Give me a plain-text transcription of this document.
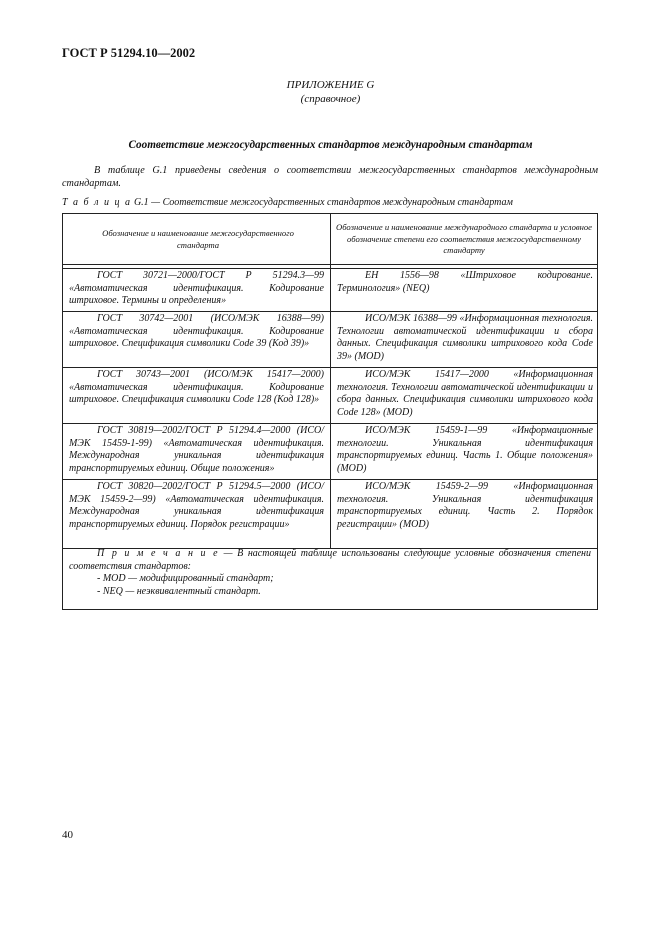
ГОСТ Р 51294.10—2002
ПРИЛОЖЕНИЕ G
(справочное)
Соответствие межгосударственных стандартов международным стандартам
В таблице G.1 приведены сведения о соответствии межгосударственных стандартов международным стандартам.
Т а б л и ц а G.1 — Соответствие межгосударственных стандартов международным стандартам
Обозначение и наименование межгосударственного стандарта
Обозначение и наименование международного стандарта и условное обозначение степени его соответствия межгосударственному стандарту
ГОСТ 30721—2000/ГОСТ Р 51294.3—99 «Автоматическая идентификация. Кодирование штриховое. Термины и определения»
ЕН 1556—98 «Штриховое кодирование. Терминология» (NEQ)
ГОСТ 30742—2001 (ИСО/МЭК 16388—99) «Автоматическая идентификация. Кодирование штриховое. Спецификация символики Code 39 (Код 39)»
ИСО/МЭК 16388—99 «Информационная технология. Технологии автоматической идентификации и сбора данных. Спецификация символики штрихового кода Code 39» (MOD)
ГОСТ 30743—2001 (ИСО/МЭК 15417—2000) «Автоматическая идентификация. Кодирование штриховое. Спецификация символики Code 128 (Код 128)»
ИСО/МЭК 15417—2000 «Информационная технология. Технологии автоматической идентификации и сбора данных. Спецификация символики штрихового кода Code 128» (MOD)
ГОСТ 30819—2002/ГОСТ Р 51294.4—2000 (ИСО/МЭК 15459-1-99) «Автоматическая идентификация. Международная уникальная идентификация транспортируемых единиц. Общие положения»
ИСО/МЭК 15459-1—99 «Информационные технологии. Уникальная идентификация транспортируемых единиц. Часть 1. Общие положения» (MOD)
ГОСТ 30820—2002/ГОСТ Р 51294.5—2000 (ИСО/МЭК 15459-2—99) «Автоматическая идентификация. Международная уникальная идентификация транспортируемых единиц. Порядок регистрации»
ИСО/МЭК 15459-2—99 «Информационная технология. Уникальная идентификация транспортируемых единиц. Часть 2. Порядок регистрации» (MOD)
П р и м е ч а н и е — В настоящей таблице использованы следующие условные обозначения степени соответствия стандартов:
- MOD — модифицированный стандарт;
- NEQ — неэквивалентный стандарт.
40
